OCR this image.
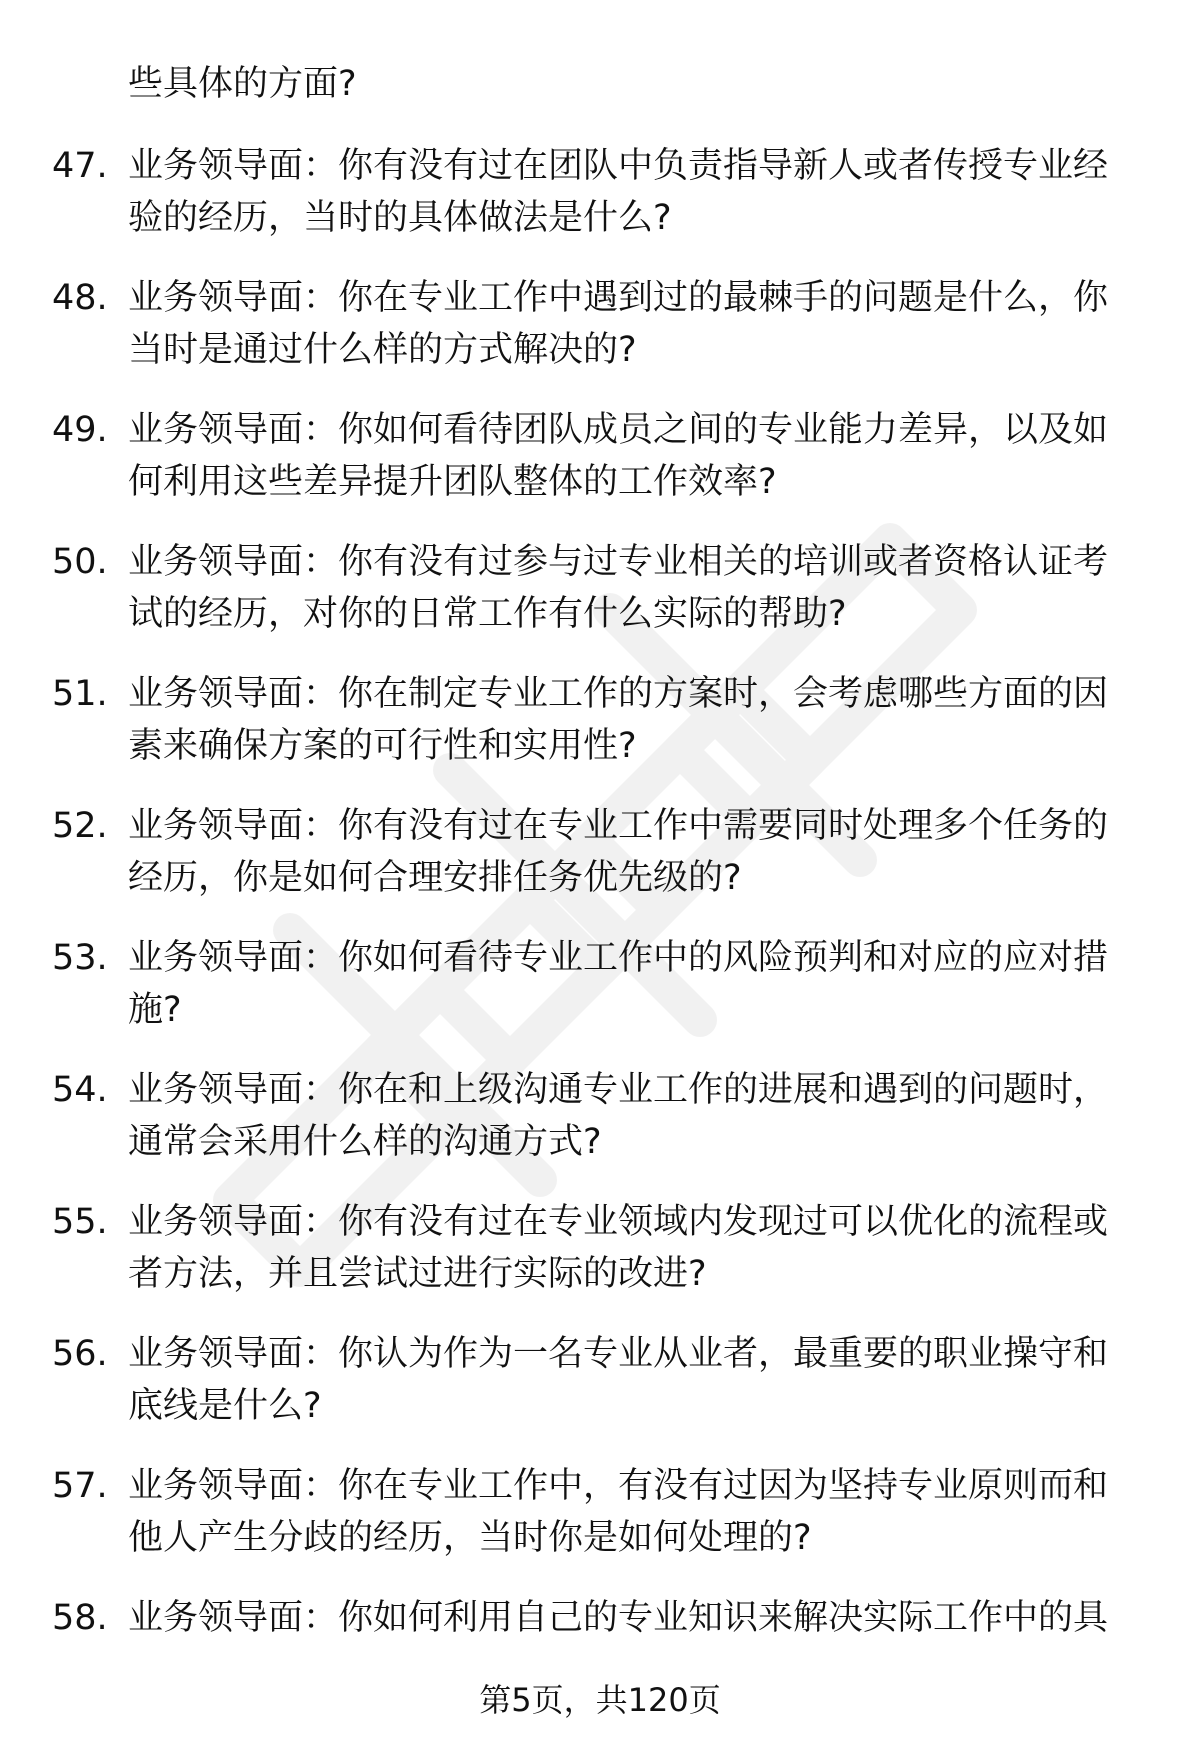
些具体的方面?
47. 业务领导面：你有没有过在团队中负责指导新人或者传授专业经
验的经历，当时的具体做法是什么?
48. 业务领导面：你在专业工作中遇到过的最棘手的问题是什么，你
当时是通过什么样的方式解决的?
49. 业务领导面：你如何看待团队成员之间的专业能力差异，以及如
何利用这些差异提升团队整体的工作效率?
50. 业务领导面：你有没有过参与过专业相关的培训或者资格认证考
试的经历，对你的日常工作有什么实际的帮助?
51. 业务领导面：你在制定专业工作的方案时，会考虑哪些方面的因
素来确保方案的可行性和实用性?
52. 业务领导面：你有没有过在专业工作中需要同时处理多个任务的
经历，你是如何合理安排任务优先级的?
53. 业务领导面：你如何看待专业工作中的风险预判和对应的应对措
施?
54. 业务领导面：你在和上级沟通专业工作的进展和遇到的问题时，
通常会采用什么样的沟通方式?
55. 业务领导面：你有没有过在专业领域内发现过可以优化的流程或
者方法，并且尝试过进行实际的改进?
56. 业务领导面：你认为作为一名专业从业者，最重要的职业操守和
底线是什么?
57. 业务领导面：你在专业工作中，有没有过因为坚持专业原则而和
他人产生分歧的经历，当时你是如何处理的?
58. 业务领导面：你如何利用自己的专业知识来解决实际工作中的具
第5页，共120页
